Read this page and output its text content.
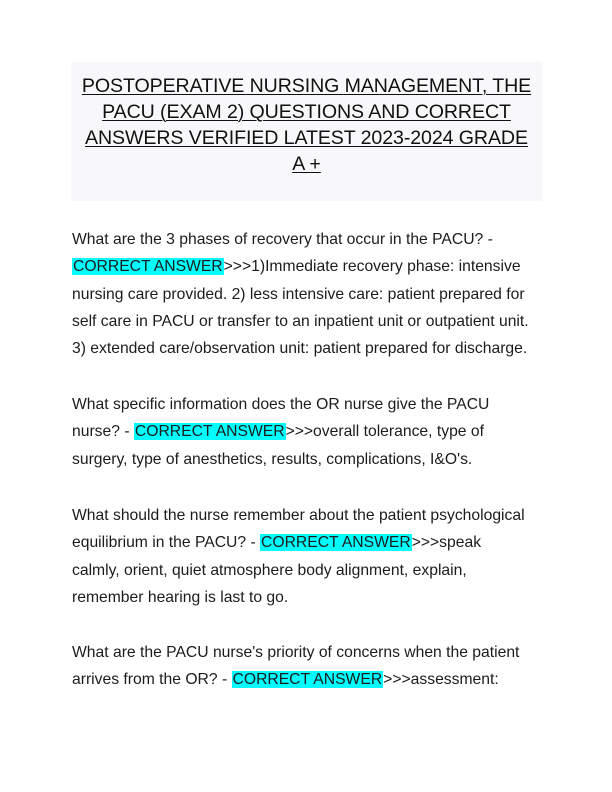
POSTOPERATIVE NURSING MANAGEMENT, THE
PACU (EXAM 2) QUESTIONS AND CORRECT
ANSWERS VERIFIED LATEST 2023-2024 GRADE
A +

What are the 3 phases of recovery that occur in the PACU? -
CORRECT ANSWER>>>1)Immediate recovery phase: intensive
nursing care provided. 2) less intensive care: patient prepared for
self care in PACU or transfer to an inpatient unit or outpatient unit.
3) extended care/observation unit: patient prepared for discharge.

What specific information does the OR nurse give the PACU
nurse? - CORRECT ANSWER>>>overall tolerance, type of
surgery, type of anesthetics, results, complications, I&O's.

What should the nurse remember about the patient psychological
equilibrium in the PACU? - CORRECT ANSWER>>>speak
calmly, orient, quiet atmosphere body alignment, explain,
remember hearing is last to go.

What are the PACU nurse's priority of concerns when the patient
arrives from the OR? - CORRECT ANSWER>>>assessment:
